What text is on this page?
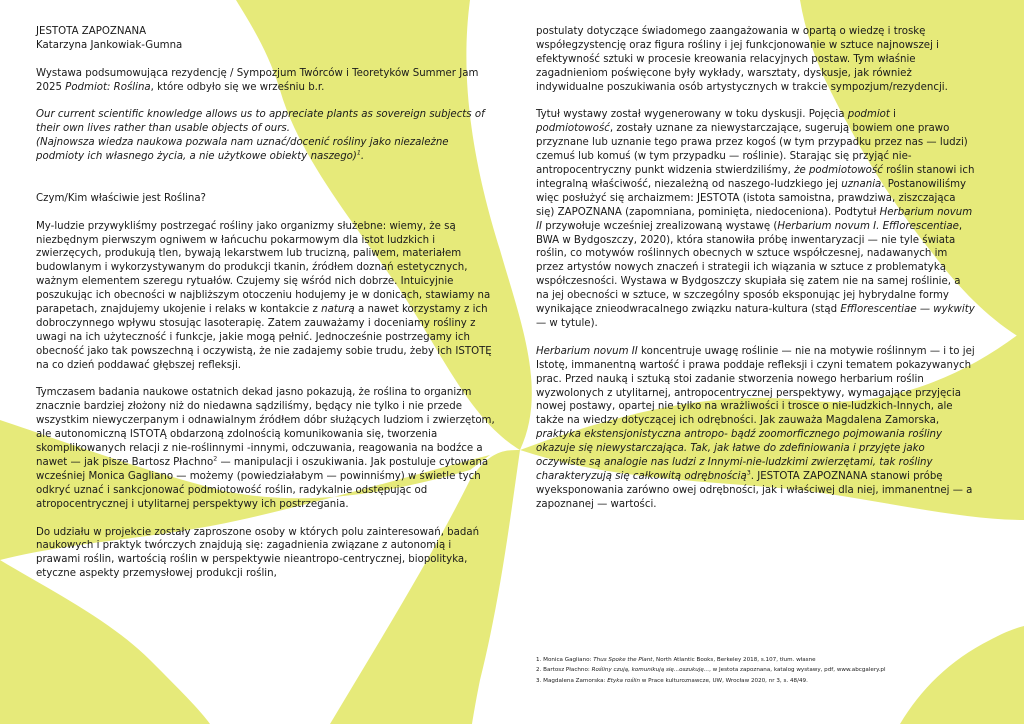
JESTOTA ZAPOZNANA

Katarzyna Jankowiak-Gumna

Wystawa podsumowująca rezydencję / Sympozjum Twórców i Teoretyków Summer Jam 2025 Podmiot: Roślina, które odbyło się we wrześniu b.r.

Our current scientific knowledge allows us to appreciate plants as sovereign subjects of their own lives rather than usable objects of ours.

(Najnowsza wiedza naukowa pozwala nam uznać/docenić rośliny jako niezależne podmioty ich własnego życia, a nie użytkowe obiekty naszego)$^1$.

Czym/Kim właściwie jest Roślina?

My-ludzie przywykliśmy postrzegać rośliny jako organizmy służebne: wiemy, że są niezbędnym pierwszym ogniwem w łańcuchu pokarmowym dla istot ludzkich i zwierzęcych, produkują tlen, bywają lekarstwem lub trucizną, paliwem, materiałem budowlanym i wykorzystywanym do produkcji tkanin, źródłem doznań estetycznych, ważnym elementem szeregu rytuałów. Czujemy się wśród nich dobrze. Intuicyjnie poszukując ich obecności w najbliższym otoczeniu hodujemy je w donicach, stawiamy na parapetach, znajdujemy ukojenie i relaks w kontakcie z naturą a nawet korzystamy z ich dobroczynnego wpływu stosując lasoterapię. Zatem zauważamy i doceniamy rośliny z uwagi na ich użyteczność i funkcje, jakie mogą pełnić. Jednocześnie postrzegamy ich obecność jako tak powszechną i oczywistą, że nie zadajemy sobie trudu, żeby ich ISTOTĘ na co dzień poddawać głębszej refleksji.

Tymczasem badania naukowe ostatnich dekad jasno pokazują, że roślina to organizm znacznie bardziej złożony niż do niedawna sądziliśmy, będący nie tylko i nie przede wszystkim niewyczerpanym i odnawialnym źródłem dóbr służących ludziom i zwierzętom, ale autonomiczną ISTOTĄ obdarzoną zdolnością komunikowania się, tworzenia skomplikowanych relacji z nie-roślinnymi -innymi, odczuwania, reagowania na bodźce a nawet — jak pisze Bartosz Płachno$^2$ — manipulacji i oszukiwania. Jak postuluje cytowana wcześniej Monica Gagliano — możemy (powiedziałabym — powinniśmy) w świetle tych odkryć uznać i sankcjonować podmiotowość roślin, radykalnie odstępując od atropocentrycznej i utylitarnej perspektywy ich postrzegania.

Do udziału w projekcie zostały zaproszone osoby w których polu zainteresowań, badań naukowych i praktyk twórczych znajdują się: zagadnienia związane z autonomią i prawami roślin, wartością roślin w perspektywie nieantropo-centrycznej, biopolityka, etyczne aspekty przemysłowej produkcji roślin,

postulaty dotyczące świadomego zaangażowania w opartą o wiedzę i troskę współegzystencję oraz figura rośliny i jej funkcjonowanie w sztuce najnowszej i efektywność sztuki w procesie kreowania relacyjnych postaw. Tym właśnie zagadnieniom poświęcone były wykłady, warsztaty, dyskusje, jak również indywidualne poszukiwania osób artystycznych w trakcie sympozjum/rezydencji.

Tytuł wystawy został wygenerowany w toku dyskusji. Pojęcia podmiot i podmiotowość, zostały uznane za niewystarczające, sugerują bowiem one prawo przyznane lub uznanie tego prawa przez kogoś (w tym przypadku przez nas — ludzi) czemuś lub komuś (w tym przypadku — roślinie). Starając się przyjąć nie-antropocentryczny punkt widzenia stwierdziliśmy, że podmiotowość roślin stanowi ich integralną właściwość, niezależną od naszego-ludzkiego jej uznania. Postanowiliśmy więc posłużyć się archaizmem: JESTOTA (istota samoistna, prawdziwa, ziszczająca się) ZAPOZNANA (zapomniana, pominięta, niedoceniona). Podtytuł Herbarium novum II przywołuje wcześniej zrealizowaną wystawę (Herbarium novum I. Efflorescentiae, BWA w Bydgoszczy, 2020), która stanowiła próbę inwentaryzacji — nie tyle świata roślin, co motywów roślinnych obecnych w sztuce współczesnej, nadawanych im przez artystów nowych znaczeń i strategii ich wiązania w sztuce z problematyką współczesności. Wystawa w Bydgoszczy skupiała się zatem nie na samej roślinie, a na jej obecności w sztuce, w szczególny sposób eksponując jej hybrydalne formy wynikające znieodwracalnego związku natura-kultura (stąd Efflorescentiae — wykwity — w tytule).

Herbarium novum II koncentruje uwagę roślinie — nie na motywie roślinnym — i to jej Istotę, immanentną wartość i prawa poddaje refleksji i czyni tematem pokazywanych prac. Przed nauką i sztuką stoi zadanie stworzenia nowego herbarium roślin wyzwolonych z utylitarnej, antropocentrycznej perspektywy, wymagające przyjęcia nowej postawy, opartej nie tylko na wrażliwości i trosce o nie-ludzkich-Innych, ale także na wiedzy dotyczącej ich odrębności. Jak zauważa Magdalena Zamorska, praktyka ekstensjonistyczna antropo- bądź zoomorficznego pojmowania rośliny okazuje się niewystarczająca. Tak, jak łatwe do zdefiniowania i przyjęte jako oczywiste są analogie nas ludzi z Innymi-nie-ludzkimi zwierzętami, tak rośliny charakteryzują się całkowitą odrębnością$^3$. JESTOTA ZAPOZNANA stanowi próbę wyeksponowania zarówno owej odrębności, jak i właściwej dla niej, immanentnej — a zapoznanej — wartości.

1. Monica Gagliano: Thus Spoke the Plant, North Atlantic Books, Berkeley 2018, s.107, tłum. własne

2. Bartosz Płachno: Rośliny czują, komunikują się...oszukuję..., w Jestota zapoznana, katalog wystawy, pdf, www.abcgalery.pl

3. Magdalena Zamorska: Etyka roślin w Prace kulturoznawcze, UW, Wrocław 2020, nr 3, s. 48/49.
